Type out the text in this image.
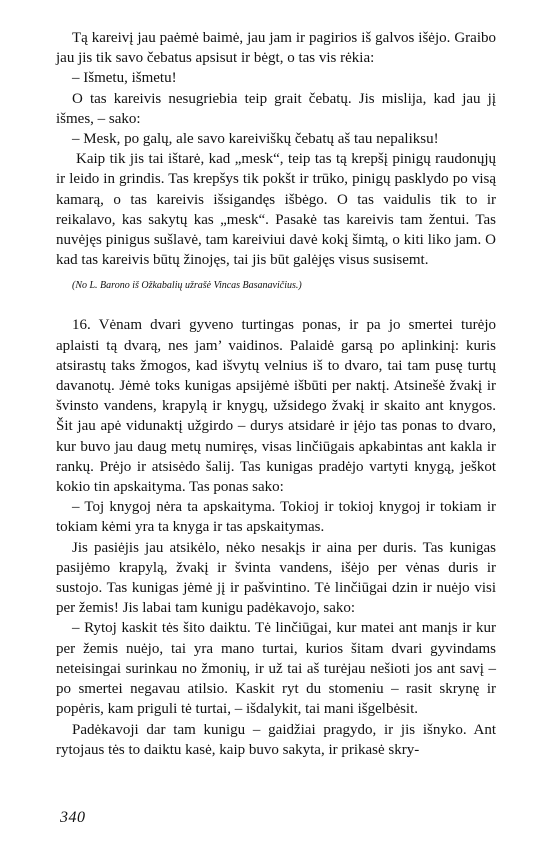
Tą kareivį jau paėmė baimė, jau jam ir pagirios iš galvos išėjo. Graibo jau jis tik savo čebatus apsisut ir bėgt, o tas vis rėkia:

– Išmetu, išmetu!

O tas kareivis nesugriebia teip grait čebatų. Jis mislija, kad jau jį išmes, – sako:

– Mesk, po galų, ale savo kareiviškų čebatų aš tau nepaliksu!

Kaip tik jis tai ištarė, kad „mesk“, teip tas tą krepšį pinigų raudonųjų ir leido in grindis. Tas krepšys tik pokšt ir trūko, pinigų pasklydo po visą kamarą, o tas kareivis išsigandęs išbėgo. O tas vaidulis tik to ir reikalavo, kas sakytų kas „mesk“. Pasakė tas kareivis tam žentui. Tas nuvėjęs pinigus sušlavė, tam kareiviui davė kokį šimtą, o kiti liko jam. O kad tas kareivis būtų žinojęs, tai jis būt galėjęs visus susisemt.

(No L. Barono iš Ožkabalių užrašė Vincas Basanavičius.)

16. Vėnam dvari gyveno turtingas ponas, ir pa jo smertei turėjo aplaisti tą dvarą, nes jam’ vaidinos. Palaidė garsą po aplinkinį: kuris atsirastų taks žmogos, kad išvytų velnius iš to dvaro, tai tam pusę turtų davanotų. Jėmė toks kunigas apsijėmė išbūti per naktį. Atsinešė žvakį ir švinsto vandens, krapylą ir knygų, užsidego žvakį ir skaito ant knygos. Šit jau apė vidunaktį užgirdo – durys atsidarė ir įėjo tas ponas to dvaro, kur buvo jau daug metų numiręs, visas linčiūgais apkabintas ant kakla ir rankų. Prėjo ir atsisėdo šalij. Tas kunigas pradėjo vartyti knygą, ješkot kokio tin apskaityma. Tas ponas sako:

– Toj knygoj nėra ta apskaityma. Tokioj ir tokioj knygoj ir tokiam ir tokiam kėmi yra ta knyga ir tas apskaitymas.

Jis pasiėjis jau atsikėlo, nėko nesakįs ir aina per duris. Tas kunigas pasijėmo krapylą, žvakį ir švinta vandens, išėjo per vėnas duris ir sustojo. Tas kunigas jėmė jį ir pašvintino. Tė linčiūgai dzin ir nuėjo visi per žemis! Jis labai tam kunigu padėkavojo, sako:

– Rytoj kaskit tės šito daiktu. Tė linčiūgai, kur matei ant manįs ir kur per žemis nuėjo, tai yra mano turtai, kurios šitam dvari gyvindams neteisingai surinkau no žmonių, ir už tai aš turėjau nešioti jos ant savį – po smertei negavau atilsio. Kaskit ryt du stomeniu – rasit skrynę ir popėris, kam priguli tė turtai, – išdalykit, tai mani išgelbėsit.

Padėkavoji dar tam kunigu – gaidžiai pragydo, ir jis išnyko. Ant rytojaus tės to daiktu kasė, kaip buvo sakyta, ir prikasė skry-

340
